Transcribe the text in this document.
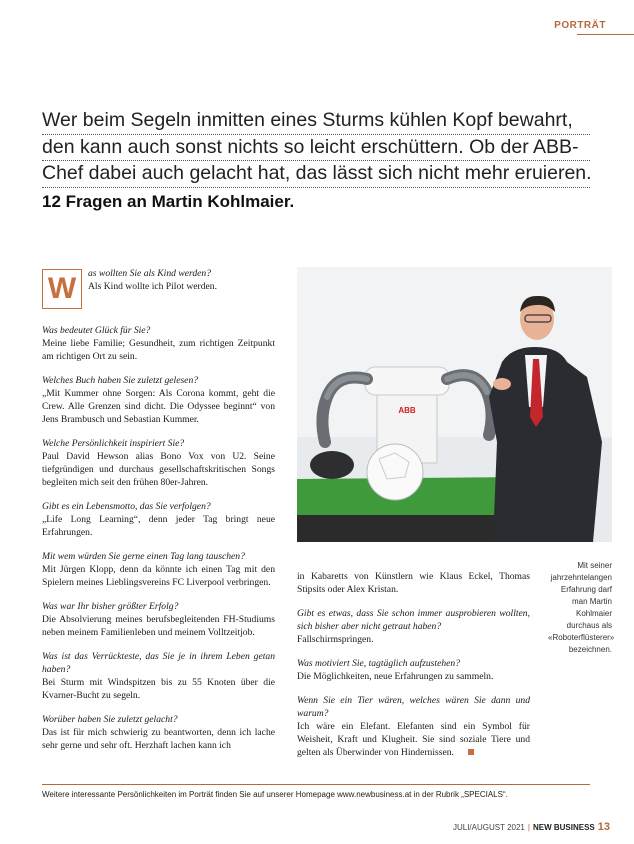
PORTRÄT
Wer beim Segeln inmitten eines Sturms kühlen Kopf bewahrt,
den kann auch sonst nichts so leicht erschüttern. Ob der ABB-
Chef dabei auch gelacht hat, das lässt sich nicht mehr eruieren.
12 Fragen an Martin Kohlmaier.
W	as wollten Sie als Kind werden?

Als Kind wollte ich Pilot werden.

Was bedeutet Glück für Sie?

Meine liebe Familie; Gesundheit, zum richtigen Zeitpunkt am richtigen Ort zu sein.

Welches Buch haben Sie zuletzt gelesen?

„Mit Kummer ohne Sorgen: Als Corona kommt, geht die Crew. Alle Grenzen sind dicht. Die Odyssee beginnt“ von Jens Brambusch und Sebastian Kummer.

Welche Persönlichkeit inspiriert Sie?

Paul David Hewson alias Bono Vox von U2. Seine tiefgründigen und durchaus gesellschaftskritischen Songs begleiten mich seit den frühen 80er-Jahren.

Gibt es ein Lebensmotto, das Sie verfolgen?

„Life Long Learning“, denn jeder Tag bringt neue Erfahrungen.

Mit wem würden Sie gerne einen Tag lang tauschen?

Mit Jürgen Klopp, denn da könnte ich einen Tag mit den Spielern meines Lieblingsvereins FC Liverpool verbringen.

Was war Ihr bisher größter Erfolg?

Die Absolvierung meines berufsbegleitenden FH-Studiums neben meinem Familienleben und meinem Volltzeitjob.

Was ist das Verrückteste, das Sie je in ihrem Leben getan haben?

Bei Sturm mit Windspitzen bis zu 55 Knoten über die Kvarner-Bucht zu segeln.

Worüber haben Sie zuletzt gelacht?

Das ist für mich schwierig zu beantworten, denn ich lache sehr gerne und sehr oft. Herzhaft lachen kann ich

ABB

in Kabaretts von Künstlern wie Klaus Eckel, Thomas Stipsits oder Alex Kristan.

Gibt es etwas, dass Sie schon immer ausprobieren wollten, sich bisher aber nicht getraut haben?

Fallschirmspringen.

Was motiviert Sie, tagtäglich aufzustehen?

Die Möglichkeiten, neue Erfahrungen zu sammeln.

Wenn Sie ein Tier wären, welches wären Sie dann und warum?

Ich wäre ein Elefant. Elefanten sind ein Symbol für Weisheit, Kraft und Klugheit. Sie sind soziale Tiere und gelten als Überwinder von Hindernissen.

Mit seiner jahrzehntelangen Erfahrung darf man Martin Kohlmaier durchaus als «Roboterflüsterer» bezeichnen.
Weitere interessante Persönlichkeiten im Porträt finden Sie auf unserer Homepage www.newbusiness.at in der Rubrik „SPECIALS“.
JULI/AUGUST 2021 | NEW BUSINESS 13
